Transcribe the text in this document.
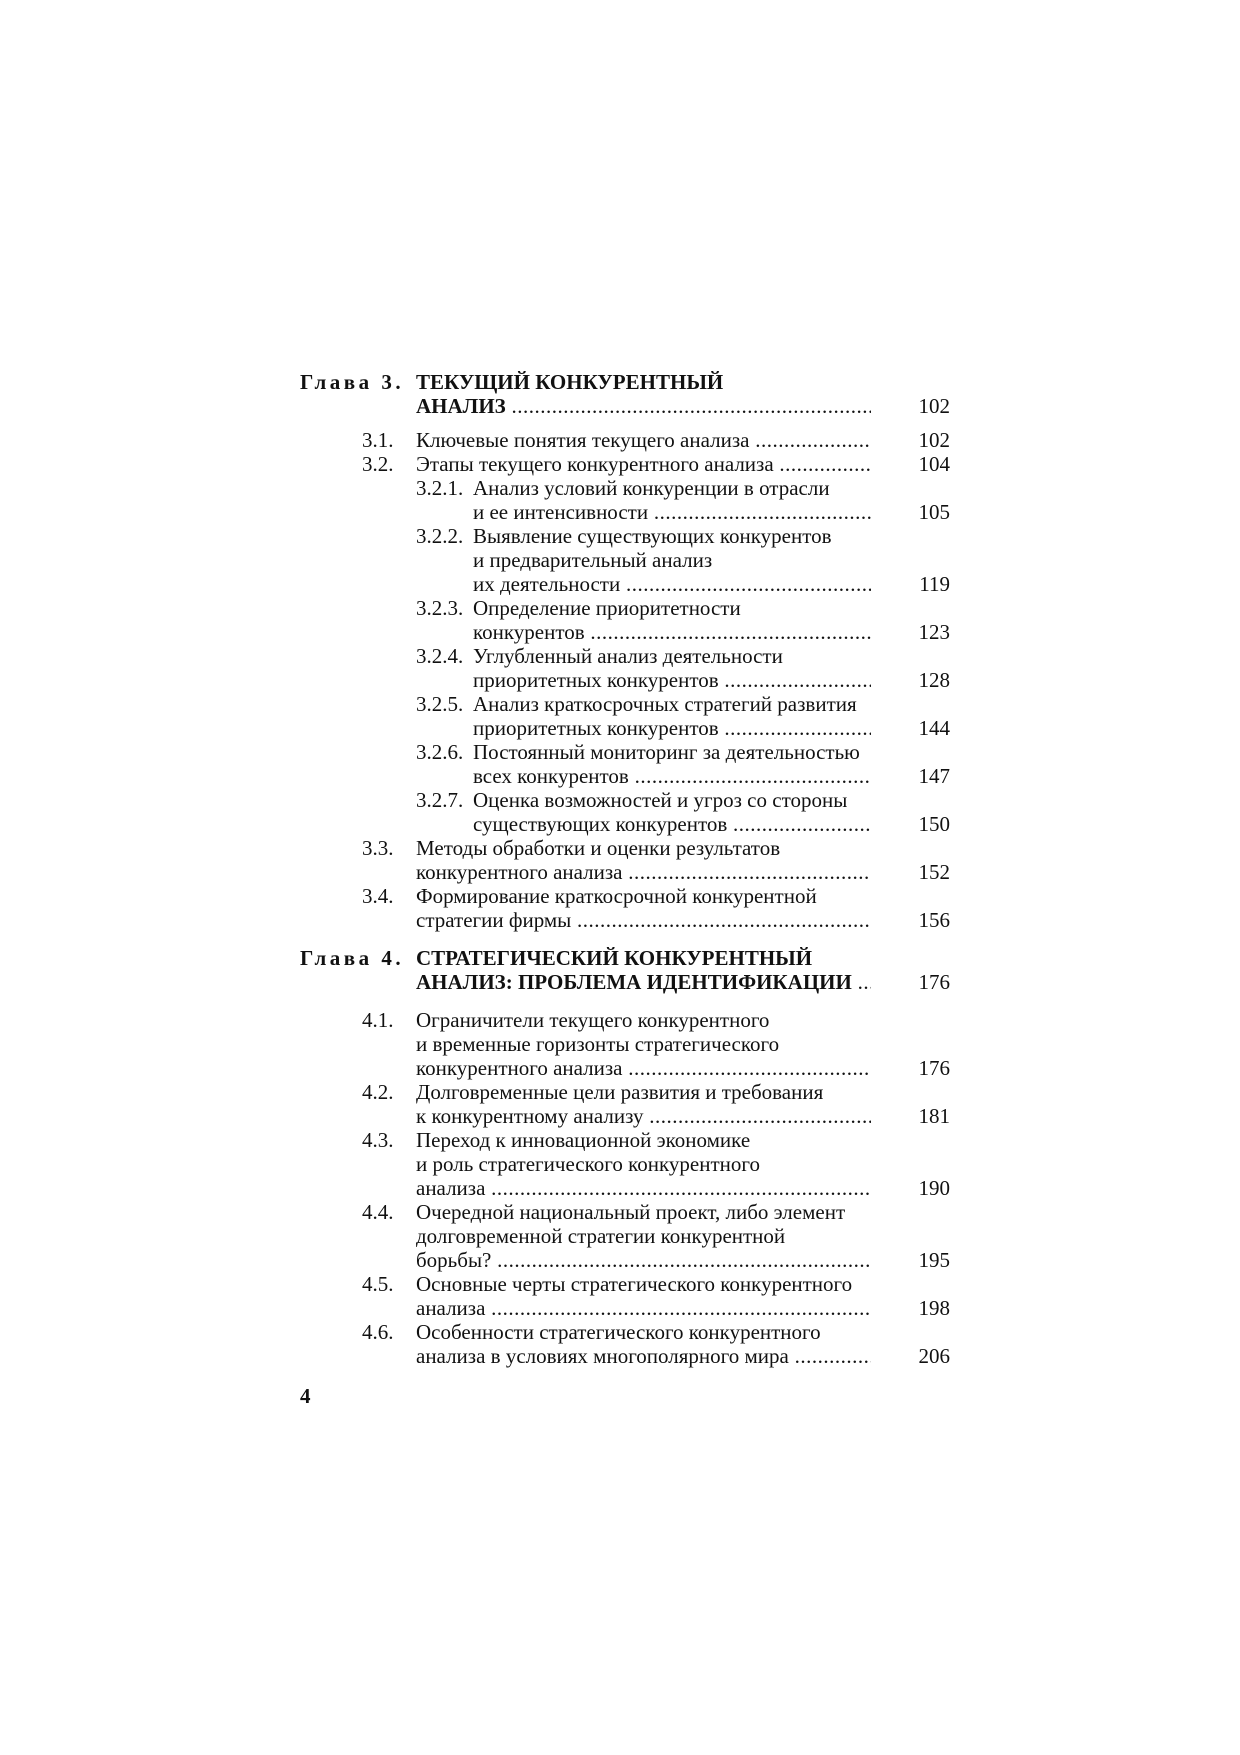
Глава 3. ТЕКУЩИЙ КОНКУРЕНТНЫЙ
АНАЛИЗ .....	102
3.1. Ключевые понятия текущего анализа .....	102
3.2. Этапы текущего конкурентного анализа .....	104
3.2.1. Анализ условий конкуренции в отрасли
и ее интенсивности .....	105
3.2.2. Выявление существующих конкурентов
и предварительный анализ
их деятельности .....	119
3.2.3. Определение приоритетности
конкурентов .....	123
3.2.4. Углубленный анализ деятельности
приоритетных конкурентов .....	128
3.2.5. Анализ краткосрочных стратегий развития
приоритетных конкурентов .....	144
3.2.6. Постоянный мониторинг за деятельностью
всех конкурентов .....	147
3.2.7. Оценка возможностей и угроз со стороны
существующих конкурентов .....	150
3.3. Методы обработки и оценки результатов
конкурентного анализа .....	152
3.4. Формирование краткосрочной конкурентной
стратегии фирмы .....	156
Глава 4. СТРАТЕГИЧЕСКИЙ КОНКУРЕНТНЫЙ
АНАЛИЗ: ПРОБЛЕМА ИДЕНТИФИКАЦИИ .....	176
4.1. Ограничители текущего конкурентного
и временные горизонты стратегического
конкурентного анализа .....	176
4.2. Долговременные цели развития и требования
к конкурентному анализу .....	181
4.3. Переход к инновационной экономике
и роль стратегического конкурентного
анализа .....	190
4.4. Очередной национальный проект, либо элемент
долговременной стратегии конкурентной
борьбы? .....	195
4.5. Основные черты стратегического конкурентного
анализа .....	198
4.6. Особенности стратегического конкурентного
анализа в условиях многополярного мира .....	206
4
